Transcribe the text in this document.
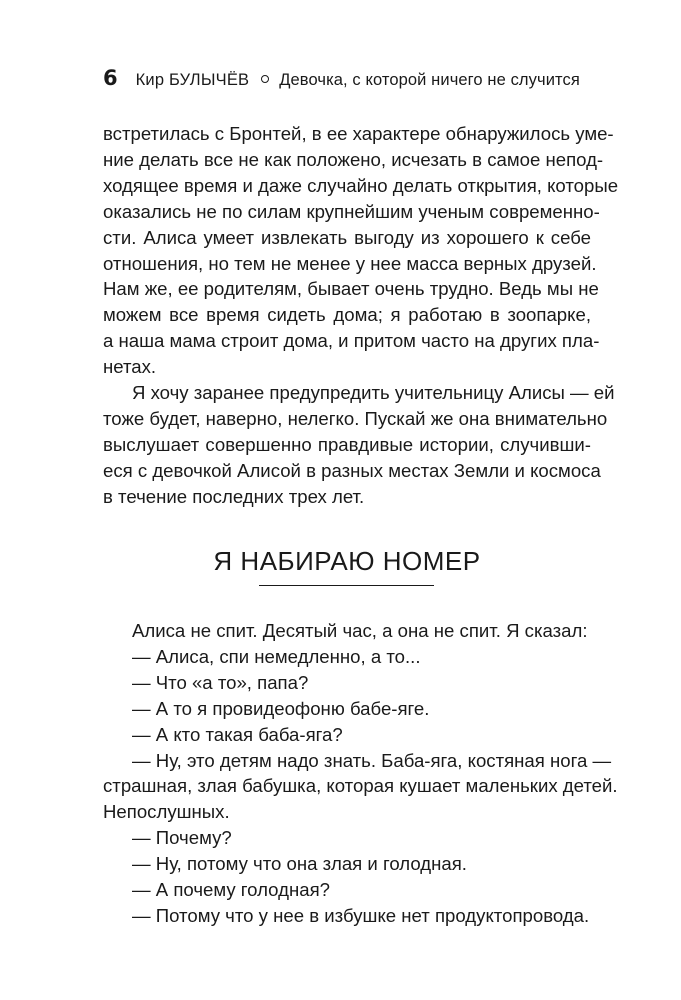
6 Кир БУЛЫЧЁВ Девочка, с которой ничего не случится
встретилась с Бронтей, в ее характере обнаружилось уме-
ние делать все не как положено, исчезать в самое непод-
ходящее время и даже случайно делать открытия, которые
оказались не по силам крупнейшим ученым современно-
сти. Алиса умеет извлекать выгоду из хорошего к себе
отношения, но тем не менее у нее масса верных друзей.
Нам же, ее родителям, бывает очень трудно. Ведь мы не
можем все время сидеть дома; я работаю в зоопарке,
а наша мама строит дома, и притом часто на других пла-
нетах.
Я хочу заранее предупредить учительницу Алисы — ей
тоже будет, наверно, нелегко. Пускай же она внимательно
выслушает совершенно правдивые истории, случивши-
еся с девочкой Алисой в разных местах Земли и космоса
в течение последних трех лет.
Я НАБИРАЮ НОМЕР
Алиса не спит. Десятый час, а она не спит. Я сказал:
— Алиса, спи немедленно, а то...
— Что «а то», папа?
— А то я провидеофоню бабе-яге.
— А кто такая баба-яга?
— Ну, это детям надо знать. Баба-яга, костяная нога —
страшная, злая бабушка, которая кушает маленьких детей.
Непослушных.
— Почему?
— Ну, потому что она злая и голодная.
— А почему голодная?
— Потому что у нее в избушке нет продуктопровода.
